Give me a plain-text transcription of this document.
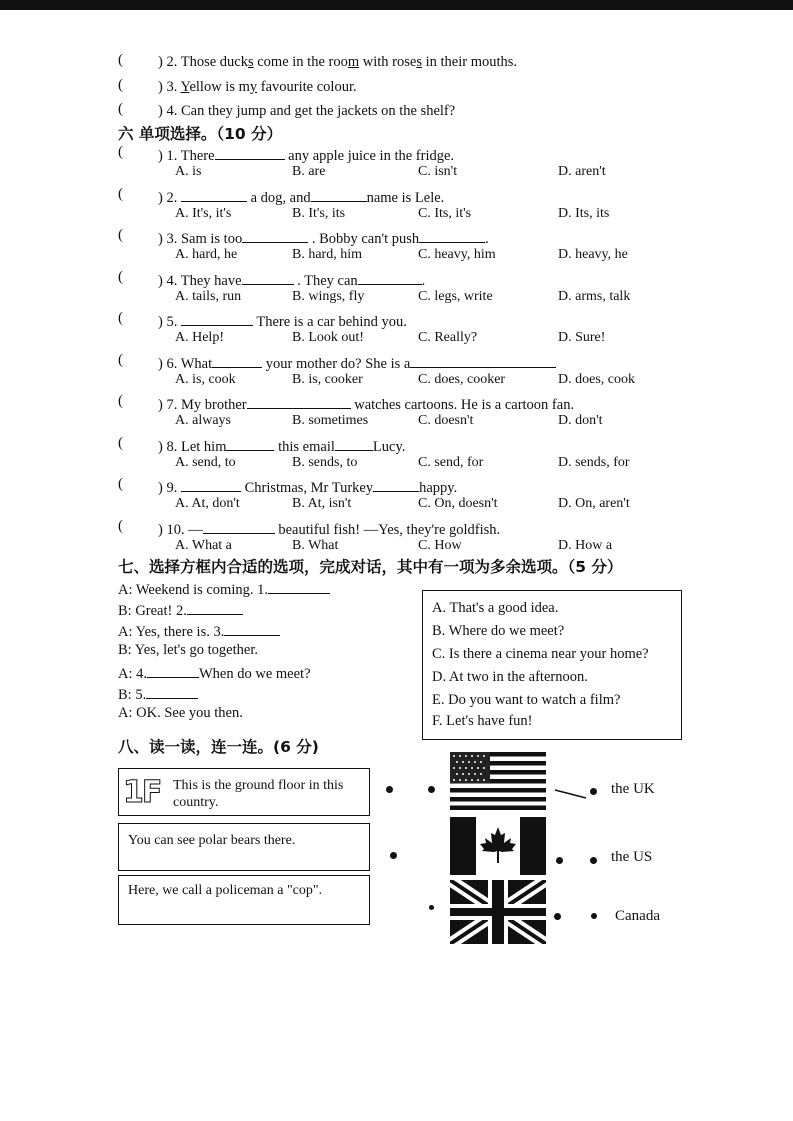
( ) 2. Those ducks come in the room with roses in their mouths.
( ) 3. Yellow is my favourite colour.
( ) 4. Can they jump and get the jackets on the shelf?
六 单项选择。（10 分）
( ) 1. There	any apple juice in the fridge.
A. is	B. are	C. isn't	D. aren't
( ) 2.	a dog, and	name is Lele.
A. It's, it's	B. It's, its	C. Its, it's	D. Its, its
( ) 3. Sam is too	. Bobby can't push	.
A. hard, he	B. hard, him	C. heavy, him	D. heavy, he
( ) 4. They have	. They can	.
A. tails, run	B. wings, fly	C. legs, write	D. arms, talk
( ) 5.	There is a car behind you.
A. Help!	B. Look out!	C. Really?	D. Sure!
( ) 6. What	your mother do? She is a
A. is, cook	B. is, cooker	C. does, cooker	D. does, cook
( ) 7. My brother	watches cartoons. He is a cartoon fan.
A. always	B. sometimes	C. doesn't	D. don't
( ) 8. Let him	this email	Lucy.
A. send, to	B. sends, to	C. send, for	D. sends, for
( ) 9.	Christmas, Mr Turkey	happy.
A. At, don't	B. At, isn't	C. On, doesn't	D. On, aren't
( ) 10. —	beautiful fish! —Yes, they're goldfish.
A. What a	B. What	C. How	D. How a
七、选择方框内合适的选项，完成对话，其中有一项为多余选项。（5 分）
A: Weekend is coming. 1.
B: Great! 2.
A: Yes, there is. 3.
B: Yes, let's go together.
A: 4.	When do we meet?
B: 5.
A: OK. See you then.
A. That's a good idea.
B. Where do we meet?
C. Is there a cinema near your home?
D. At two in the afternoon.
E. Do you want to watch a film?
F. Let's have fun!
八、读一读，连一连。(6 分)
1F This is the ground floor in this country.
You can see polar bears there.
Here, we call a policeman a "cop".
the UK
the US
Canada
